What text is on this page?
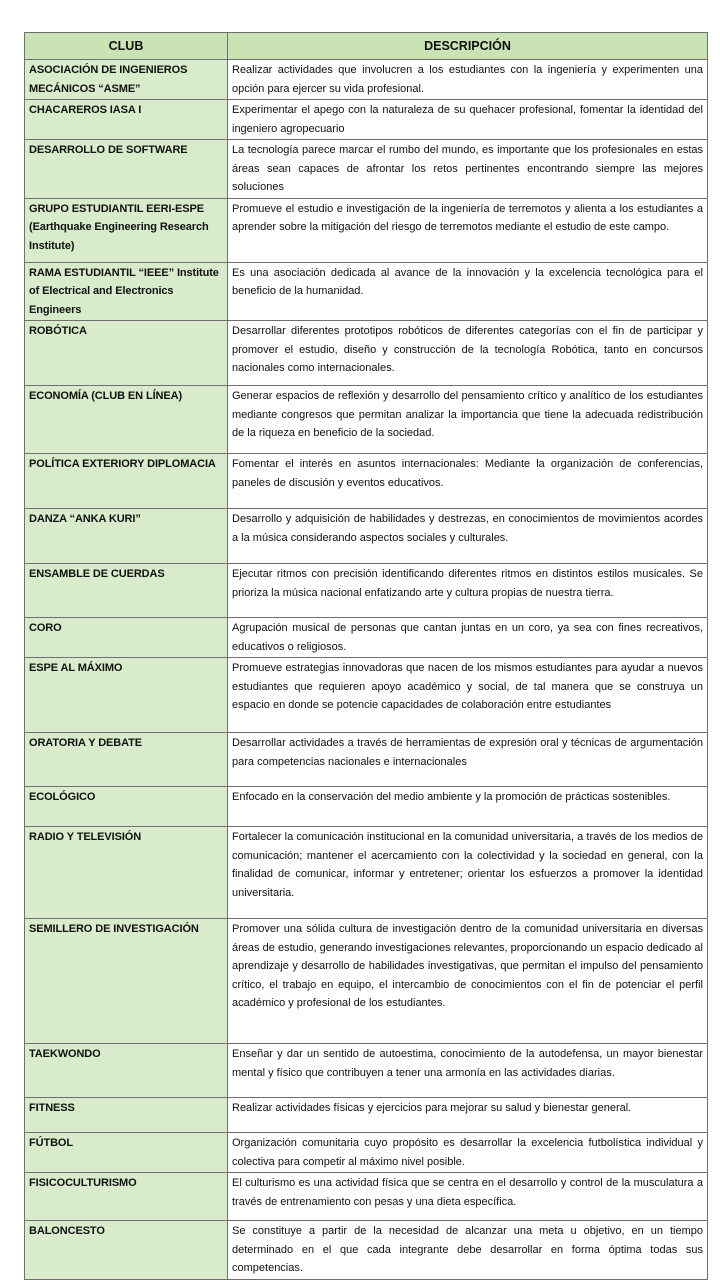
CLUB	DESCRIPCIÓN
ASOCIACIÓN DE INGENIEROS MECÁNICOS “ASME”	Realizar actividades que involucren a los estudiantes con la ingeniería y experimenten una opción para ejercer su vida profesional.
CHACAREROS IASA I	Experimentar el apego con la naturaleza de su quehacer profesional, fomentar la identidad del ingeniero agropecuario
DESARROLLO DE SOFTWARE	La tecnología parece marcar el rumbo del mundo, es importante que los profesionales en estas áreas sean capaces de afrontar los retos pertinentes encontrando siempre las mejores soluciones
GRUPO ESTUDIANTIL EERI-ESPE (Earthquake Engineering Research Institute)	Promueve el estudio e investigación de la ingeniería de terremotos y alienta a los estudiantes a aprender sobre la mitigación del riesgo de terremotos mediante el estudio de este campo.
RAMA ESTUDIANTIL “IEEE” Institute of Electrical and Electronics Engineers	Es una asociación dedicada al avance de la innovación y la excelencia tecnológica para el beneficio de la humanidad.
ROBÓTICA	Desarrollar diferentes prototipos robóticos de diferentes categorías con el fin de participar y promover el estudio, diseño y construcción de la tecnología Robótica, tanto en concursos nacionales como internacionales.
ECONOMÍA (CLUB EN LÍNEA)	Generar espacios de reflexión y desarrollo del pensamiento crítico y analítico de los estudiantes mediante congresos que permitan analizar la importancia que tiene la adecuada redistribución de la riqueza en beneficio de la sociedad.
POLÍTICA EXTERIORY DIPLOMACIA	Fomentar el interés en asuntos internacionales: Mediante la organización de conferencias, paneles de discusión y eventos educativos.
DANZA “ANKA KURI”	Desarrollo y adquisición de habilidades y destrezas, en conocimientos de movimientos acordes a la música considerando aspectos sociales y culturales.
ENSAMBLE DE CUERDAS	Ejecutar ritmos con precisión identificando diferentes ritmos en distintos estilos musicales. Se prioriza la música nacional enfatizando arte y cultura propias de nuestra tierra.
CORO	Agrupación musical de personas que cantan juntas en un coro, ya sea con fines recreativos, educativos o religiosos.
ESPE AL MÁXIMO	Promueve estrategias innovadoras que nacen de los mismos estudiantes para ayudar a nuevos estudiantes que requieren apoyo académico y social, de tal manera que se construya un espacio en donde se potencie capacidades de colaboración entre estudiantes
ORATORIA Y DEBATE	Desarrollar actividades a través de herramientas de expresión oral y técnicas de argumentación para competencias nacionales e internacionales
ECOLÓGICO	Enfocado en la conservación del medio ambiente y la promoción de prácticas sostenibles.
RADIO Y TELEVISIÓN	Fortalecer la comunicación institucional en la comunidad universitaria, a través de los medios de comunicación; mantener el acercamiento con la colectividad y la sociedad en general, con la finalidad de comunicar, informar y entretener; orientar los esfuerzos a promover la identidad universitaria.
SEMILLERO DE INVESTIGACIÓN	Promover una sólida cultura de investigación dentro de la comunidad universitaria en diversas áreas de estudio, generando investigaciones relevantes, proporcionando un espacio dedicado al aprendizaje y desarrollo de habilidades investigativas, que permitan el impulso del pensamiento crítico, el trabajo en equipo, el intercambio de conocimientos con el fin de potenciar el perfil académico y profesional de los estudiantes.
TAEKWONDO	Enseñar y dar un sentido de autoestima, conocimiento de la autodefensa, un mayor bienestar mental y físico que contribuyen a tener una armonía en las actividades diarias.
FITNESS	Realizar actividades físicas y ejercicios para mejorar su salud y bienestar general.
FÚTBOL	Organización comunitaria cuyo propósito es desarrollar la excelencia futbolística individual y colectiva para competir al máximo nivel posible.
FISICOCULTURISMO	El culturismo es una actividad física que se centra en el desarrollo y control de la musculatura a través de entrenamiento con pesas y una dieta específica.
BALONCESTO	Se constituye a partir de la necesidad de alcanzar una meta u objetivo, en un tiempo determinado en el que cada integrante debe desarrollar en forma óptima todas sus competencias.
